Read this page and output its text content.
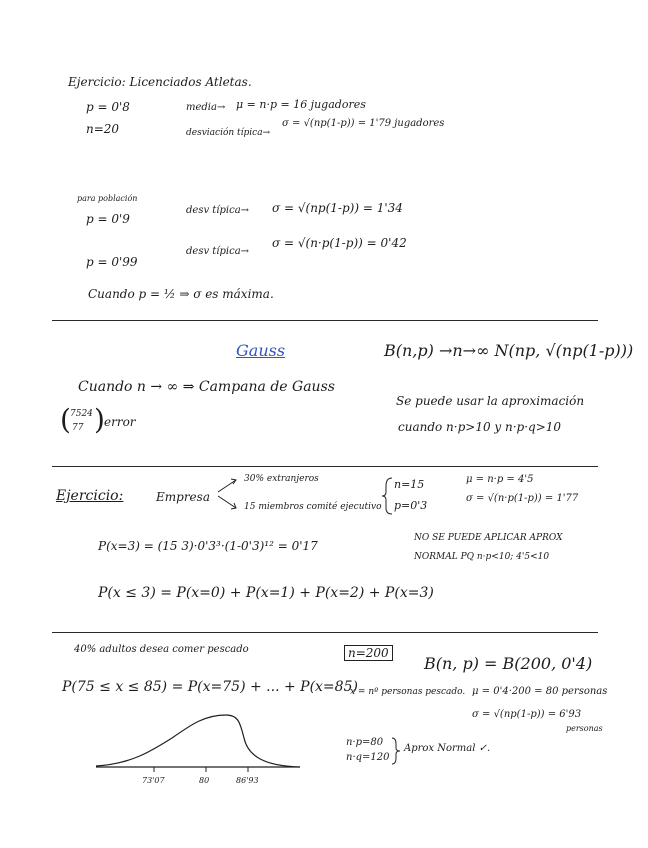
Ejercicio: Licenciados Atletas.
p = 0'8
n=20
media→ μ = n·p = 16 jugadores
desviación típica→
σ = √(np(1-p)) = 1'79 jugadores
para población
p = 0'9
desv típica→ σ = √(np(1-p)) = 1'34
p = 0'99
desv típica→
σ = √(n·p(1-p)) = 0'42
Cuando p = ½ ⇒ σ es máxima.
Gauss	B(n,p) →n→∞ N(np, √(np(1-p)))
Cuando n → ∞ ⇒ Campana de Gauss
( 7524
77 ) error
Se puede usar la aproximación
cuando n·p>10 y n·p·q>10
Ejercicio:	Empresa
30% extranjeros
15 miembros comité ejecutivo
n=15
p=0'3
μ = n·p = 4'5
σ = √(n·p(1-p)) = 1'77
P(x=3) = (15 3)·0'3³·(1-0'3)¹² = 0'17
NO SE PUEDE APLICAR APROX
NORMAL PQ n·p<10; 4'5<10
P(x ≤ 3) = P(x=0) + P(x=1) + P(x=2) + P(x=3)
40% adultos desea comer pescado	n=200
B(n, p) = B(200, 0'4)
P(75 ≤ x ≤ 85) = P(x=75) + ... + P(x=85)
x = nº personas pescado. μ = 0'4·200 = 80 personas
σ = √(np(1-p)) = 6'93
personas
n·p=80
n·q=120
Aprox Normal ✓.
73'07	80	86'93
